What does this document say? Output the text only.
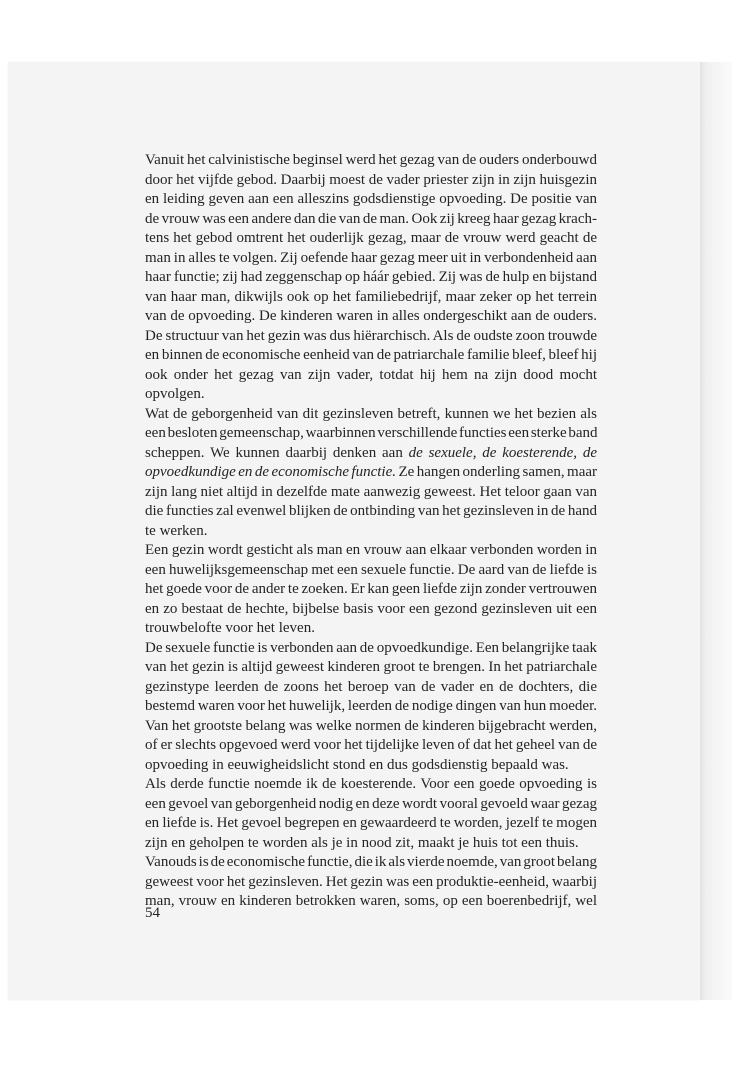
Vanuit het calvinistische beginsel werd het gezag van de ouders onderbouwd
door het vijfde gebod. Daarbij moest de vader priester zijn in zijn huisgezin
en leiding geven aan een alleszins godsdienstige opvoeding. De positie van
de vrouw was een andere dan die van de man. Ook zij kreeg haar gezag krach-
tens het gebod omtrent het ouderlijk gezag, maar de vrouw werd geacht de
man in alles te volgen. Zij oefende haar gezag meer uit in verbondenheid aan
haar functie; zij had zeggenschap op háár gebied. Zij was de hulp en bijstand
van haar man, dikwijls ook op het familiebedrijf, maar zeker op het terrein
van de opvoeding. De kinderen waren in alles ondergeschikt aan de ouders.
De structuur van het gezin was dus hiërarchisch. Als de oudste zoon trouwde
en binnen de economische eenheid van de patriarchale familie bleef, bleef hij
ook onder het gezag van zijn vader, totdat hij hem na zijn dood mocht
opvolgen.
Wat de geborgenheid van dit gezinsleven betreft, kunnen we het bezien als
een besloten gemeenschap, waarbinnen verschillende functies een sterke band
scheppen. We kunnen daarbij denken aan de sexuele, de koesterende, de
opvoedkundige en de economische functie. Ze hangen onderling samen, maar
zijn lang niet altijd in dezelfde mate aanwezig geweest. Het teloor gaan van
die functies zal evenwel blijken de ontbinding van het gezinsleven in de hand
te werken.
Een gezin wordt gesticht als man en vrouw aan elkaar verbonden worden in
een huwelijksgemeenschap met een sexuele functie. De aard van de liefde is
het goede voor de ander te zoeken. Er kan geen liefde zijn zonder vertrouwen
en zo bestaat de hechte, bijbelse basis voor een gezond gezinsleven uit een
trouwbelofte voor het leven.
De sexuele functie is verbonden aan de opvoedkundige. Een belangrijke taak
van het gezin is altijd geweest kinderen groot te brengen. In het patriarchale
gezinstype leerden de zoons het beroep van de vader en de dochters, die
bestemd waren voor het huwelijk, leerden de nodige dingen van hun moeder.
Van het grootste belang was welke normen de kinderen bijgebracht werden,
of er slechts opgevoed werd voor het tijdelijke leven of dat het geheel van de
opvoeding in eeuwigheidslicht stond en dus godsdienstig bepaald was.
Als derde functie noemde ik de koesterende. Voor een goede opvoeding is
een gevoel van geborgenheid nodig en deze wordt vooral gevoeld waar gezag
en liefde is. Het gevoel begrepen en gewaardeerd te worden, jezelf te mogen
zijn en geholpen te worden als je in nood zit, maakt je huis tot een thuis.
Vanouds is de economische functie, die ik als vierde noemde, van groot belang
geweest voor het gezinsleven. Het gezin was een produktie-eenheid, waarbij
man, vrouw en kinderen betrokken waren, soms, op een boerenbedrijf, wel
54
